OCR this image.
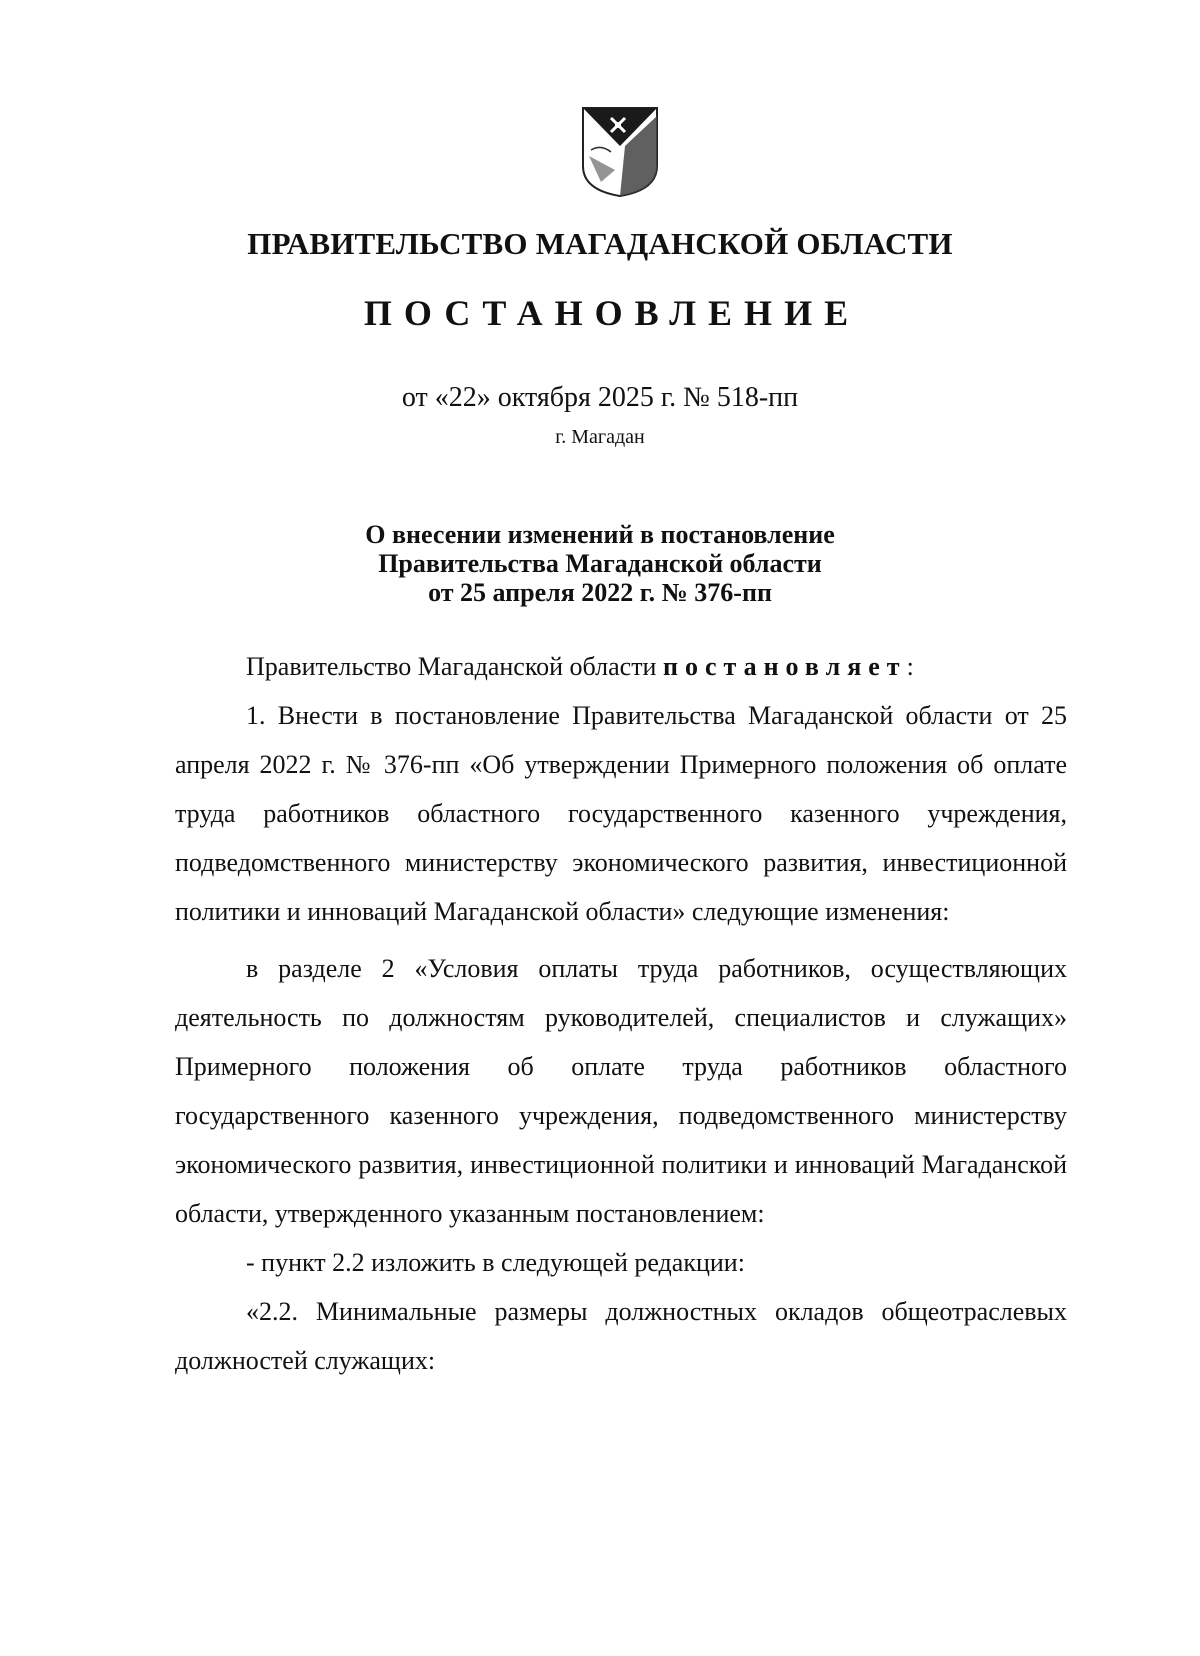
ПРАВИТЕЛЬСТВО МАГАДАНСКОЙ ОБЛАСТИ
ПОСТАНОВЛЕНИЕ
от «22» октября 2025 г. № 518-пп
г. Магадан
О внесении изменений в постановление
Правительства Магаданской области
от 25 апреля 2022 г. № 376-пп

Правительство Магаданской области постановляет:

1. Внести в постановление Правительства Магаданской области от 25 апреля 2022 г. № 376-пп «Об утверждении Примерного положения об оплате труда работников областного государственного казенного учреждения, подведомственного министерству экономического развития, инвестиционной политики и инноваций Магаданской области» следующие изменения:

в разделе 2 «Условия оплаты труда работников, осуществляющих деятельность по должностям руководителей, специалистов и служащих» Примерного положения об оплате труда работников областного государственного казенного учреждения, подведомственного министерству экономического развития, инвестиционной политики и инноваций Магаданской области, утвержденного указанным постановлением:

- пункт 2.2 изложить в следующей редакции:

«2.2. Минимальные размеры должностных окладов общеотраслевых должностей служащих:
